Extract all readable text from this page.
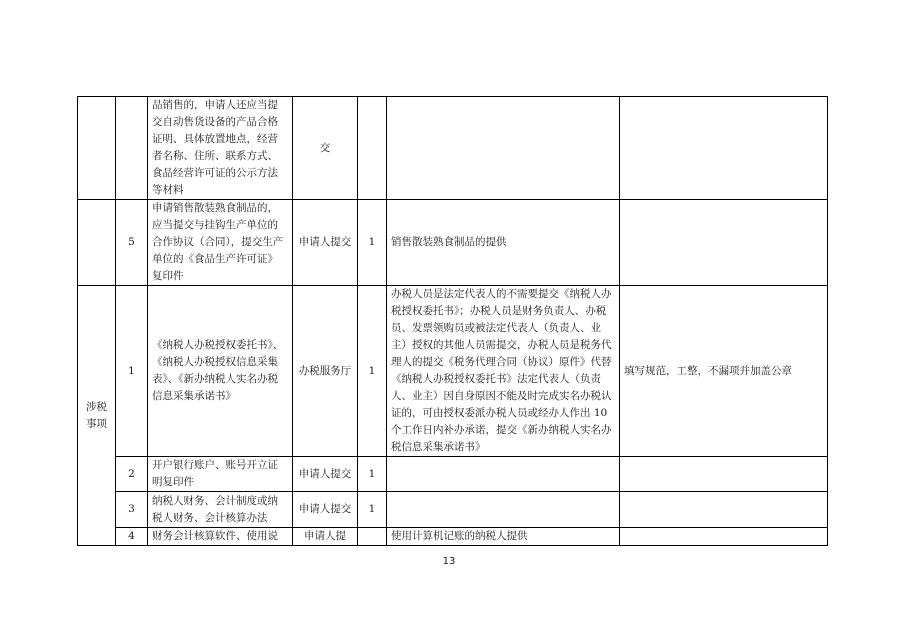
		品销售的，申请人还应当提交自动售货设备的产品合格证明、具体放置地点，经营者名称、住所、联系方式、食品经营许可证的公示方法等材料	交			
	5	申请销售散装熟食制品的，应当提交与挂钩生产单位的合作协议（合同），提交生产单位的《食品生产许可证》复印件	申请人提交	1	销售散装熟食制品的提供	
涉税事项	1	《纳税人办税授权委托书》、《纳税人办税授权信息采集表》、《新办纳税人实名办税信息采集承诺书》	办税服务厅	1	办税人员是法定代表人的不需要提交《纳税人办税授权委托书》；办税人员是财务负责人、办税员、发票领购员或被法定代表人（负责人、业主）授权的其他人员需提交，办税人员是税务代理人的提交《税务代理合同（协议）原件》代替《纳税人办税授权委托书》法定代表人（负责人、业主）因自身原因不能及时完成实名办税认证的，可由授权委派办税人员或经办人作出 10 个工作日内补办承诺，提交《新办纳税人实名办税信息采集承诺书》	填写规范，工整，不漏项并加盖公章
	2	开户银行账户、账号开立证明复印件	申请人提交	1		
	3	纳税人财务、会计制度或纳税人财务、会计核算办法	申请人提交	1		
	4	财务会计核算软件、使用说	申请人提		使用计算机记账的纳税人提供	
13
